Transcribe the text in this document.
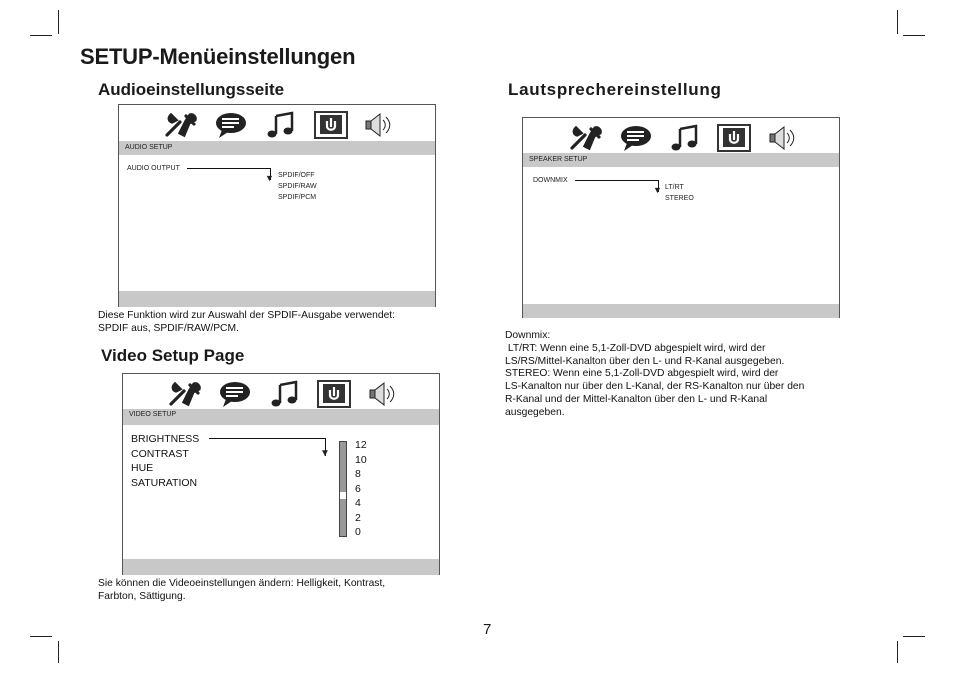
SETUP-Menüeinstellungen
Audioeinstellungsseite
AUDIO SETUP
AUDIO OUTPUT
▼ SPDIF/OFF
SPDIF/RAW
SPDIF/PCM
Diese Funktion wird zur Auswahl der SPDIF-Ausgabe verwendet:
SPDIF aus, SPDIF/RAW/PCM.
Video Setup Page
VIDEO SETUP
BRIGHTNESS
CONTRAST
HUE
SATURATION
▼
12
10
8
6
4
2
0
Sie können die Videoeinstellungen ändern: Helligkeit, Kontrast,
Farbton, Sättigung.
Lautsprechereinstellung
SPEAKER SETUP
DOWNMIX
▼ LT/RT
STEREO
Downmix:
LT/RT: Wenn eine 5,1-Zoll-DVD abgespielt wird, wird der
LS/RS/Mittel-Kanalton über den L- und R-Kanal ausgegeben.
STEREO: Wenn eine 5,1-Zoll-DVD abgespielt wird, wird der
LS-Kanalton nur über den L-Kanal, der RS-Kanalton nur über den
R-Kanal und der Mittel-Kanalton über den L- und R-Kanal
ausgegeben.
7
